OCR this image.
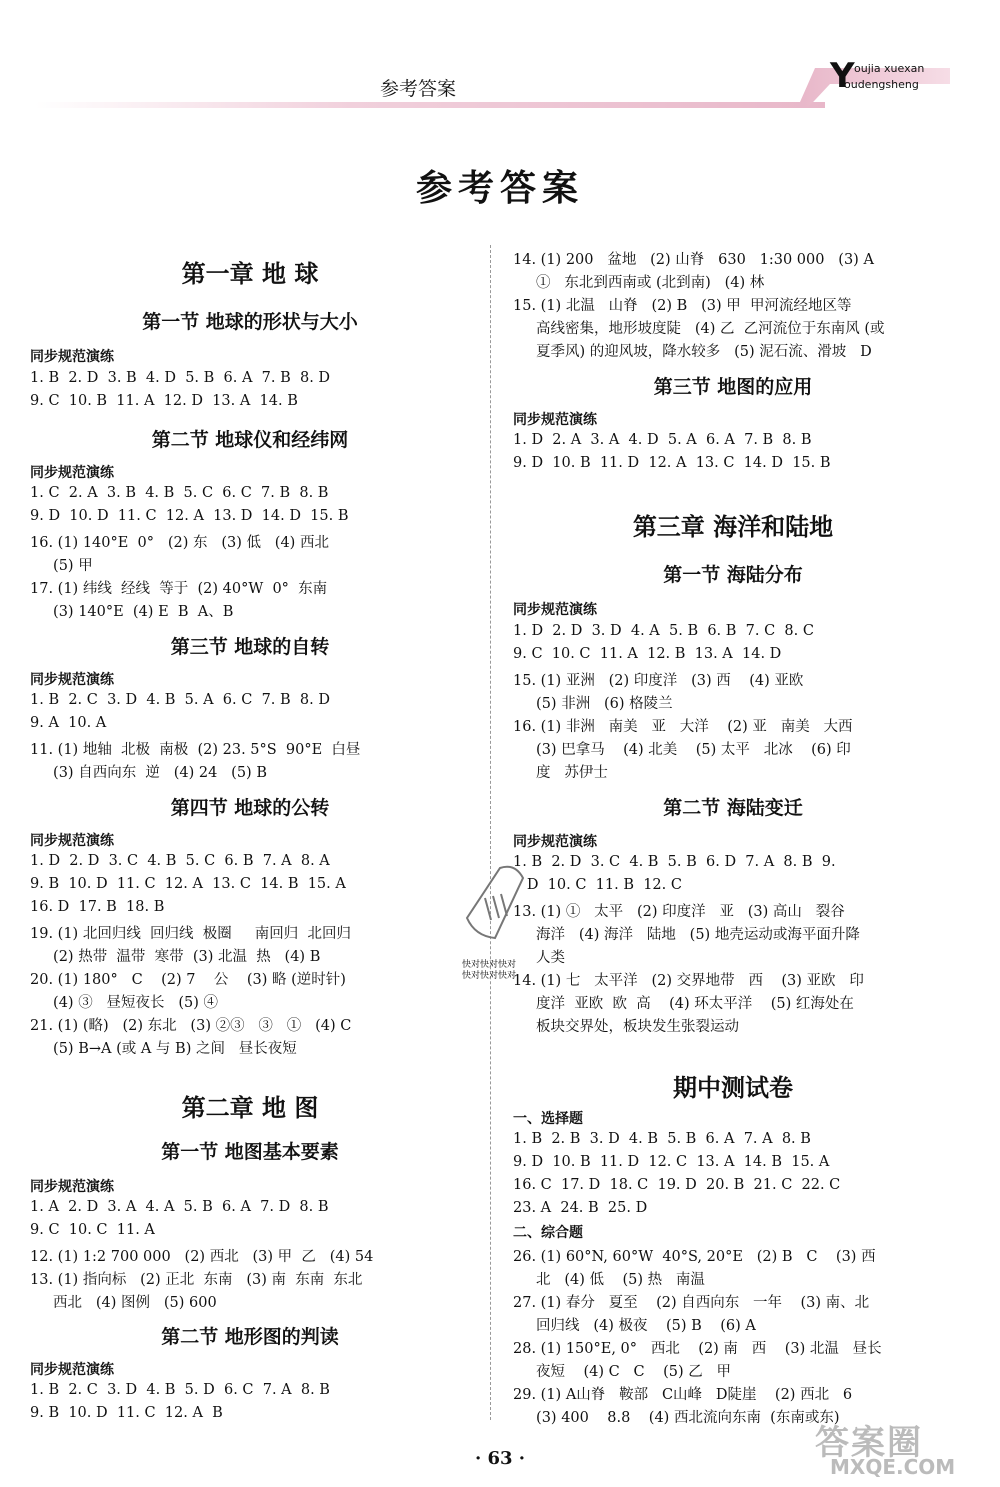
参考答案	Y oujia xuexan
oudengsheng
参考答案
第一章 地 球
第一节 地球的形状与大小
同步规范演练
1. B  2. D  3. B  4. D  5. B  6. A  7. B  8. D
9. C  10. B  11. A  12. D  13. A  14. B
第二节 地球仪和经纬网
同步规范演练
1. C  2. A  3. B  4. B  5. C  6. C  7. B  8. B
9. D  10. D  11. C  12. A  13. D  14. D  15. B
16. (1) 140°E  0°   (2) 东   (3) 低   (4) 西北
(5) 甲
17. (1) 纬线  经线  等于  (2) 40°W  0°  东南
(3) 140°E  (4) E  B  A、B
第三节 地球的自转
同步规范演练
1. B  2. C  3. D  4. B  5. A  6. C  7. B  8. D
9. A  10. A
11. (1) 地轴  北极  南极  (2) 23. 5°S  90°E  白昼
(3) 自西向东  逆   (4) 24   (5) B
第四节 地球的公转
同步规范演练
1. D  2. D  3. C  4. B  5. C  6. B  7. A  8. A
9. B  10. D  11. C  12. A  13. C  14. B  15. A
16. D  17. B  18. B
19. (1) 北回归线  回归线  极圈     南回归  北回归
(2) 热带  温带  寒带  (3) 北温  热   (4) B
20. (1) 180°   C    (2) 7    公    (3) 略 (逆时针)
(4) ③   昼短夜长   (5) ④
21. (1) (略)   (2) 东北   (3) ②③   ③   ①   (4) C
(5) B→A (或 A 与 B) 之间   昼长夜短
第二章 地 图
第一节 地图基本要素
同步规范演练
1. A  2. D  3. A  4. A  5. B  6. A  7. D  8. B
9. C  10. C  11. A
12. (1) 1:2 700 000   (2) 西北   (3) 甲  乙   (4) 54
13. (1) 指向标   (2) 正北  东南   (3) 南  东南  东北
西北   (4) 图例   (5) 600
第二节 地形图的判读
同步规范演练
1. B  2. C  3. D  4. B  5. D  6. C  7. A  8. B
9. B  10. D  11. C  12. A  B
14. (1) 200   盆地   (2) 山脊   630   1:30 000   (3) A
①   东北到西南或 (北到南)   (4) 林
15. (1) 北温   山脊   (2) B   (3) 甲  甲河流经地区等
高线密集，地形坡度陡   (4) 乙  乙河流位于东南风 (或
夏季风) 的迎风坡，降水较多   (5) 泥石流、滑坡   D
第三节 地图的应用
同步规范演练
1. D  2. A  3. A  4. D  5. A  6. A  7. B  8. B
9. D  10. B  11. D  12. A  13. C  14. D  15. B
第三章 海洋和陆地
第一节 海陆分布
同步规范演练
1. D  2. D  3. D  4. A  5. B  6. B  7. C  8. C
9. C  10. C  11. A  12. B  13. A  14. D
15. (1) 亚洲   (2) 印度洋   (3) 西    (4) 亚欧
(5) 非洲   (6) 格陵兰
16. (1) 非洲   南美   亚   大洋    (2) 亚   南美   大西
(3) 巴拿马    (4) 北美    (5) 太平   北冰    (6) 印
度   苏伊士
第二节 海陆变迁
同步规范演练
1. B  2. D  3. C  4. B  5. B  6. D  7. A  8. B  9.
D  10. C  11. B  12. C
13. (1) ①   太平   (2) 印度洋   亚   (3) 高山   裂谷
海洋   (4) 海洋   陆地   (5) 地壳运动或海平面升降
人类
14. (1) 七   太平洋   (2) 交界地带   西    (3) 亚欧   印
度洋  亚欧  欧  高    (4) 环太平洋    (5) 红海处在
板块交界处，板块发生张裂运动
期中测试卷
一、选择题
1. B  2. B  3. D  4. B  5. B  6. A  7. A  8. B
9. D  10. B  11. D  12. C  13. A  14. B  15. A
16. C  17. D  18. C  19. D  20. B  21. C  22. C
23. A  24. B  25. D
二、综合题
26. (1) 60°N, 60°W  40°S, 20°E   (2) B   C    (3) 西
北   (4) 低    (5) 热   南温
27. (1) 春分   夏至    (2) 自西向东   一年    (3) 南、北
回归线   (4) 极夜    (5) B    (6) A
28. (1) 150°E, 0°   西北    (2) 南   西    (3) 北温   昼长
夜短    (4) C   C    (5) 乙   甲
29. (1) A山脊   鞍部   C山峰   D陡崖    (2) 西北   6
(3) 400    8.8    (4) 西北流向东南  (东南或东)
快对快对快对
快对快对快对
答案圈
MXQE.COM
· 63 ·
